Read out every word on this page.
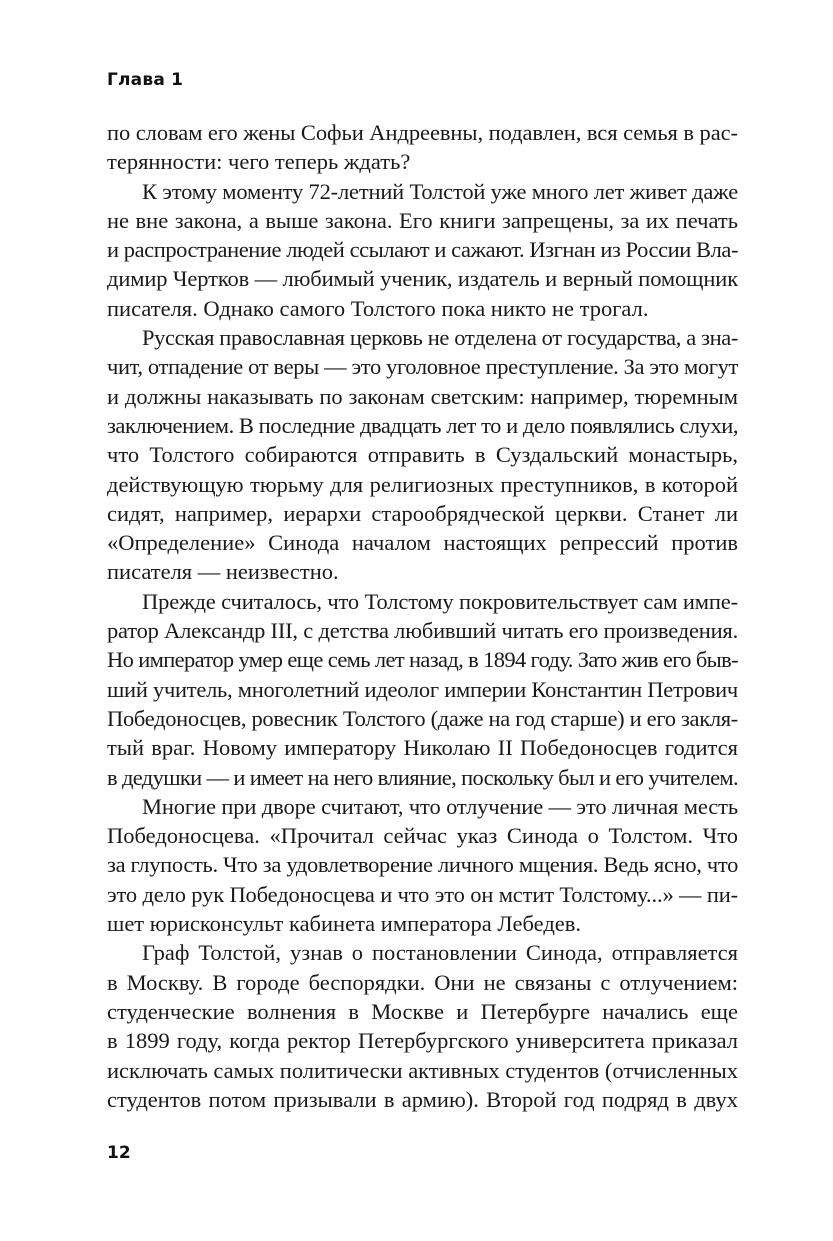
Глава 1
по словам его жены Софьи Андреевны, подавлен, вся семья в рас-
терянности: чего теперь ждать?
К этому моменту 72-летний Толстой уже много лет живет даже
не вне закона, а выше закона. Его книги запрещены, за их печать
и распространение людей ссылают и сажают. Изгнан из России Вла-
димир Чертков — любимый ученик, издатель и верный помощник
писателя. Однако самого Толстого пока никто не трогал.
Русская православная церковь не отделена от государства, а зна-
чит, отпадение от веры — это уголовное преступление. За это могут
и должны наказывать по законам светским: например, тюремным
заключением. В последние двадцать лет то и дело появлялись слухи,
что Толстого собираются отправить в Суздальский монастырь,
действующую тюрьму для религиозных преступников, в которой
сидят, например, иерархи старообрядческой церкви. Станет ли
«Определение» Синода началом настоящих репрессий против
писателя — неизвестно.
Прежде считалось, что Толстому покровительствует сам импе-
ратор Александр III, с детства любивший читать его произведения.
Но император умер еще семь лет назад, в 1894 году. Зато жив его быв-
ший учитель, многолетний идеолог империи Константин Петрович
Победоносцев, ровесник Толстого (даже на год старше) и его закля-
тый враг. Новому императору Николаю II Победоносцев годится
в дедушки — и имеет на него влияние, поскольку был и его учителем.
Многие при дворе считают, что отлучение — это личная месть
Победоносцева. «Прочитал сейчас указ Синода о Толстом. Что
за глупость. Что за удовлетворение личного мщения. Ведь ясно, что
это дело рук Победоносцева и что это он мстит Толстому...» — пи-
шет юрисконсульт кабинета императора Лебедев.
Граф Толстой, узнав о постановлении Синода, отправляется
в Москву. В городе беспорядки. Они не связаны с отлучением:
студенческие волнения в Москве и Петербурге начались еще
в 1899 году, когда ректор Петербургского университета приказал
исключать самых политически активных студентов (отчисленных
студентов потом призывали в армию). Второй год подряд в двух
12
